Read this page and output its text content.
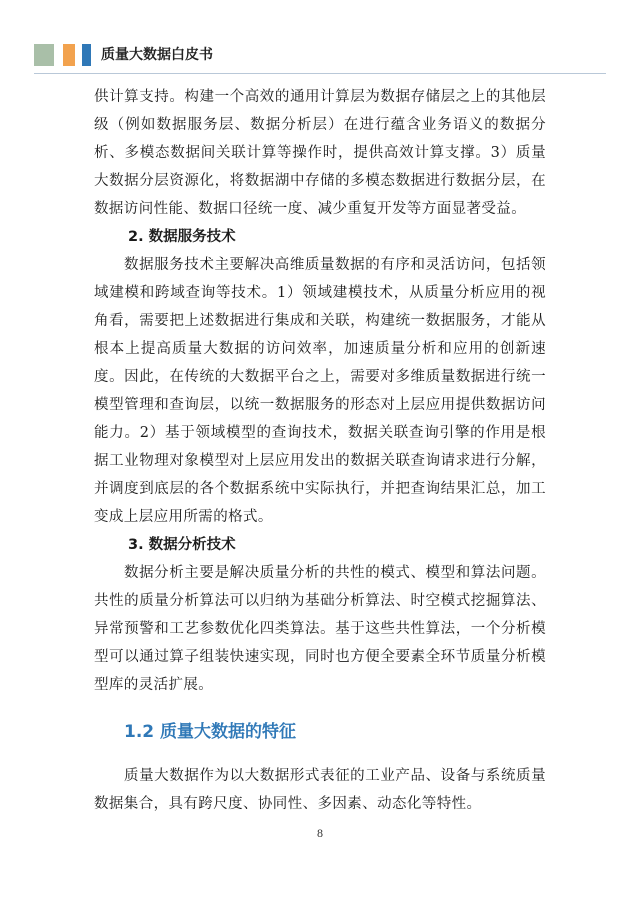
质量大数据白皮书

供计算支持。构建一个高效的通用计算层为数据存储层之上的其他层级（例如数据服务层、数据分析层）在进行蕴含业务语义的数据分析、多模态数据间关联计算等操作时，提供高效计算支撑。3）质量大数据分层资源化，将数据湖中存储的多模态数据进行数据分层，在数据访问性能、数据口径统一度、减少重复开发等方面显著受益。

2. 数据服务技术

数据服务技术主要解决高维质量数据的有序和灵活访问，包括领域建模和跨域查询等技术。1）领域建模技术，从质量分析应用的视角看，需要把上述数据进行集成和关联，构建统一数据服务，才能从根本上提高质量大数据的访问效率，加速质量分析和应用的创新速度。因此，在传统的大数据平台之上，需要对多维质量数据进行统一模型管理和查询层，以统一数据服务的形态对上层应用提供数据访问能力。2）基于领域模型的查询技术，数据关联查询引擎的作用是根据工业物理对象模型对上层应用发出的数据关联查询请求进行分解，并调度到底层的各个数据系统中实际执行，并把查询结果汇总，加工变成上层应用所需的格式。

3. 数据分析技术

数据分析主要是解决质量分析的共性的模式、模型和算法问题。共性的质量分析算法可以归纳为基础分析算法、时空模式挖掘算法、异常预警和工艺参数优化四类算法。基于这些共性算法，一个分析模型可以通过算子组装快速实现，同时也方便全要素全环节质量分析模型库的灵活扩展。

1.2 质量大数据的特征

质量大数据作为以大数据形式表征的工业产品、设备与系统质量数据集合，具有跨尺度、协同性、多因素、动态化等特性。

8
